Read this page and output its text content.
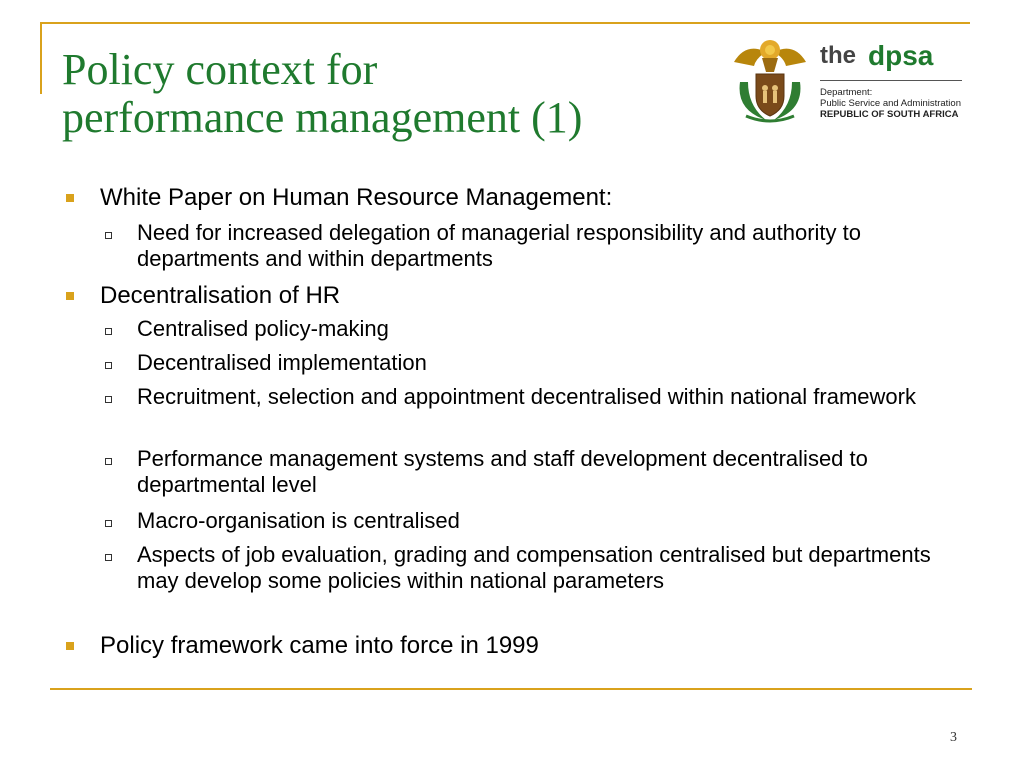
Policy context for
performance management (1)
the dpsa
Department:
Public Service and Administration
REPUBLIC OF SOUTH AFRICA

White Paper on Human Resource Management:

Need for increased delegation of managerial responsibility and authority to departments and within departments

Decentralisation of HR

Centralised policy-making

Decentralised implementation

Recruitment, selection and appointment decentralised within national framework

Performance management systems and staff development decentralised to departmental level

Macro-organisation is centralised

Aspects of job evaluation, grading and compensation centralised but departments may develop some policies within national parameters

Policy framework came into force in 1999

3
